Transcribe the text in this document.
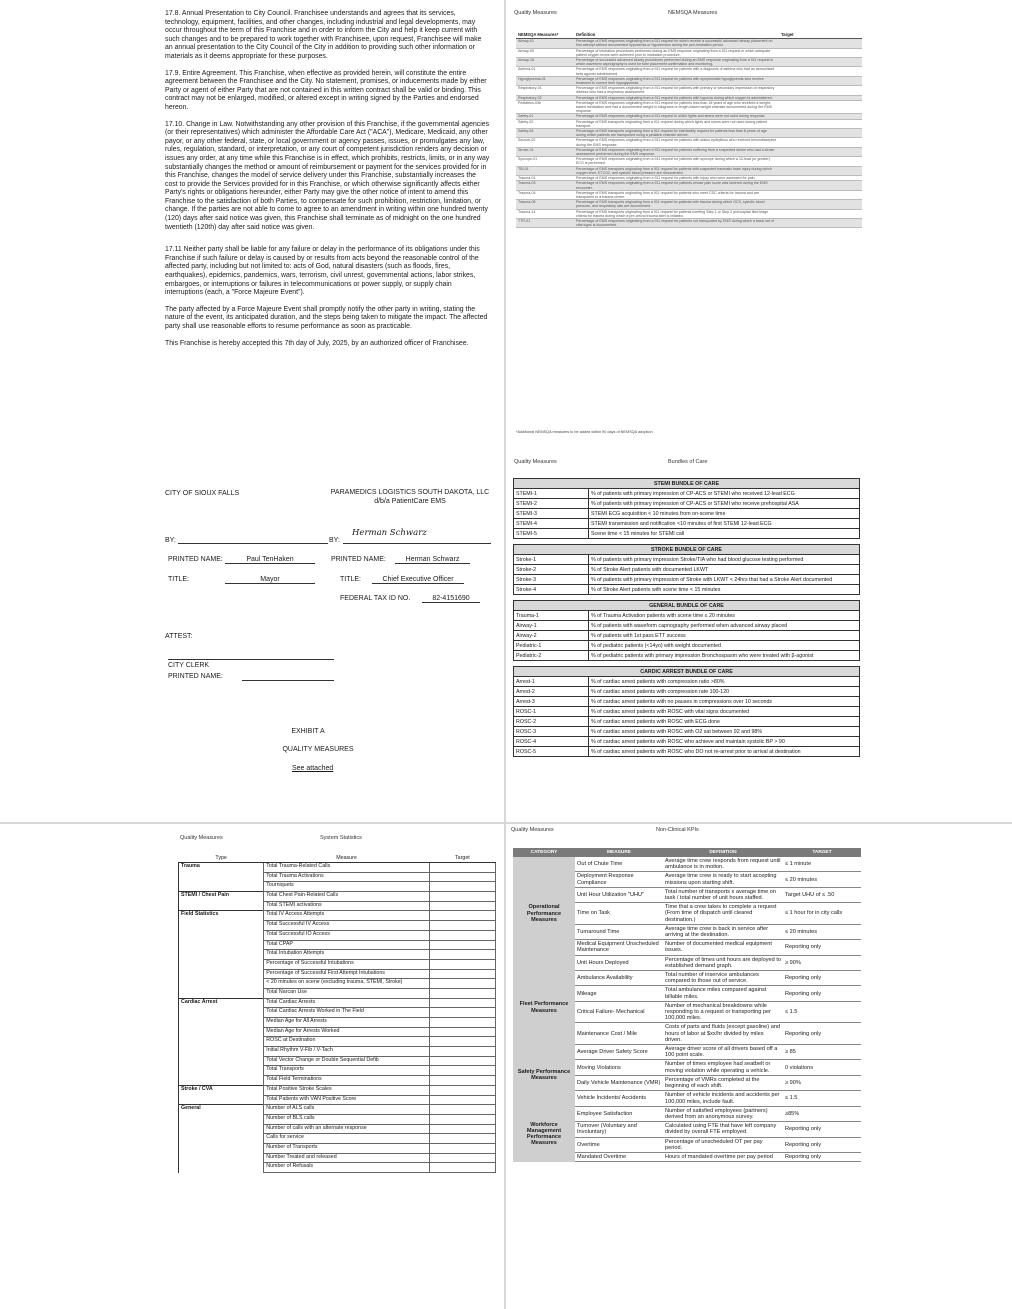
17.8. Annual Presentation to City Council. Franchisee understands and agrees that its services, technology, equipment, facilities, and other changes, including industrial and legal developments, may occur throughout the term of this Franchise and in order to inform the City and help it keep current with such changes and to be prepared to work together with Franchisee, upon request, Franchisee will make an annual presentation to the City Council of the City in addition to providing such other information or materials as it deems appropriate for these purposes.

17.9. Entire Agreement. This Franchise, when effective as provided herein, will constitute the entire agreement between the Franchisee and the City. No statement, promises, or inducements made by either Party or agent of either Party that are not contained in this written contract shall be valid or binding. This contract may not be enlarged, modified, or altered except in writing signed by the Parties and endorsed hereon.

17.10. Change in Law. Notwithstanding any other provision of this Franchise, if the governmental agencies (or their representatives) which administer the Affordable Care Act ("ACA"), Medicare, Medicaid, any other payor, or any other federal, state, or local government or agency passes, issues, or promulgates any law, rules, regulation, standard, or interpretation, or any court of competent jurisdiction renders any decision or issues any order, at any time while this Franchise is in effect, which prohibits, restricts, limits, or in any way substantially changes the method or amount of reimbursement or payment for the services provided for in this Franchise, changes the model of service delivery under this Franchise, substantially increases the cost to provide the Services provided for in this Franchise, or which otherwise significantly affects either Party's rights or obligations hereunder, either Party may give the other notice of intent to amend this Franchise to the satisfaction of both Parties, to compensate for such prohibition, restriction, limitation, or change. If the parties are not able to come to agree to an amendment in writing within one hundred twenty (120) days after said notice was given, this Franchise shall terminate as of midnight on the one hundred twentieth (120th) day after said notice was given.

17.11 Neither party shall be liable for any failure or delay in the performance of its obligations under this Franchise if such failure or delay is caused by or results from acts beyond the reasonable control of the affected party, including but not limited to: acts of God, natural disasters (such as floods, fires, earthquakes), epidemics, pandemics, wars, terrorism, civil unrest, governmental actions, labor strikes, embargoes, or interruptions or failures in telecommunications or power supply, or supply chain interruptions (each, a "Force Majeure Event").

The party affected by a Force Majeure Event shall promptly notify the other party in writing, stating the nature of the event, its anticipated duration, and the steps being taken to mitigate the impact. The affected party shall use reasonable efforts to resume performance as soon as practicable.

This Franchise is hereby accepted this 7th day of July, 2025, by an authorized officer of Franchisee.

CITY OF SIOUX FALLS	PARAMEDICS LOGISTICS SOUTH DAKOTA, LLC d/b/a PatientCare EMS
BY:	BY:
Herman Schwarz
PRINTED NAME:	Paul TenHaken	PRINTED NAME:	Herman Schwarz
TITLE:	Mayor	TITLE:	Chief Executive Officer
FEDERAL TAX ID NO.	82-4151690
ATTEST:
CITY CLERK
PRINTED NAME:
EXHIBIT A
QUALITY MEASURES
See attached
Quality Measures	NEMSQA Measures
NEMSQA Measures*	Definition	Target
Airway-01	Percentage of EMS responses originating from a 911 request for which receive a successful advanced airway placement on first attempt without documented hypoxemia or hypotension during the peri-intubation period.	
Airway-05	Percentage of intubation procedures performed during an EMS response originating from a 911 request in which adequate patient oxygen levels were achieved prior to intubation procedure.	
Airway-18	Percentage of successful advanced airway procedures performed during an EMS response originating from a 911 request in which waveform capnography is used for tube placement confirmation and monitoring.	
Asthma-01	Percentage of EMS responses originating from a 911 request for patients with a diagnosis of asthma who had an aerosolized beta agonist administered.	
Hypoglycemia-01	Percentage of EMS responses originating from a 911 request for patients with symptomatic hypoglycemia who receive treatment to correct their hypoglycemia.	
Respiratory-01	Percentage of EMS responses originating from a 911 request for patients with primary or secondary impression of respiratory distress who had a respiratory assessment.	
Respiratory-02	Percentage of EMS responses originating from a 911 request for patients with hypoxia during which oxygen is administered.	
Pediatrics-03b	Percentage of EMS responses originating from a 911 request for patients less than 18 years of age who received a weight-based medication and had a documented weight in kilograms or length-based weight estimate documented during the EMS response.	
Safety-01	Percentage of EMS responses originating from a 911 request in which lights and sirens were not used during response.	
Safety-02	Percentage of EMS transports originating from a 911 request during which lights and sirens were not used during patient transport.	
Safety-04	Percentage of EMS transports originating from a 911 request for interfacility request for patients less than 8 years of age during which patients are transported using a pediatric restraint device.	
Seizure-02	Percentage of EMS responses originating from a 911 request for patients with status epilepticus who received benzodiazepine during the EMS response.	
Stroke-01	Percentage of EMS responses originating from a 911 request for patients suffering from a suspected stroke who had a stroke assessment performed during the EMS response.	
Syncope-01	Percentage of EMS responses originating from a 911 request for patients with syncope during which a 12-lead (or greater) ECG is performed.	
TBI-01	Percentage of EMS transports originating from a 911 request for patients with suspected traumatic brain injury during which oxygen level, ETCO2, and systolic blood pressure are documented.	
Trauma-01	Percentage of EMS responses originating from a 911 request for patients with injury who were assessed for pain.	
Trauma-03	Percentage of EMS responses originating from a 911 request for patients whose pain score was lowered during the EMS encounter.	
Trauma-04	Percentage of EMS transports originating from a 911 request for patients who meet CDC criteria for trauma and are transported to a trauma center.	
Trauma-08	Percentage of EMS transports originating from a 911 request for patients with trauma during which GCS, systolic blood pressure, and respiratory rate are documented.	
Trauma-14	Percentage of EMS transports originating from a 911 request for patients meeting Step 1 or Step 2 prehospital field triage criteria for trauma during which a pre-arrival trauma alert is initiated.	
TTR-01	Percentage of EMS responses originating from a 911 request for patients not transported by EMS during which a basic set of vital signs is documented.	
*Additional NEMSQA measures to be added within 90 days of NEMSQA adoption
Quality Measures	Bundles of Care
STEMI BUNDLE OF CARE	
STEMI-1	% of patients with primary impression of CP-ACS or STEMI who received 12-lead ECG
STEMI-2	% of patients with primary impression of CP-ACS or STEMI who receive prehospital ASA
STEMI-3	STEMI ECG acquisition < 10 minutes from on-scene time
STEMI-4	STEMI transmission and notification <10 minutes of first STEMI 12-lead ECG
STEMI-5	Scene time < 15 minutes for STEMI call

STROKE BUNDLE OF CARE	
Stroke-1	% of patients with primary impression Stroke/TIA who had blood glucose testing performed
Stroke-2	% of Stroke Alert patients with documented LKWT
Stroke-3	% of patients with primary impression of Stroke with LKWT < 24hrs that had a Stroke Alert documented
Stroke-4	% of Stroke Alert patients with scene time < 15 minutes

GENERAL BUNDLE OF CARE	
Trauma-1	% of Trauma Activation patients with scene time ≤ 20 minutes
Airway-1	% of patients with waveform capnography performed when advanced airway placed
Airway-2	% of patients with 1st pass ETT success
Pediatric-1	% of pediatric patients (<14yo) with weight documented
Pediatric-2	% of pediatric patients with primary impression Bronchospasm who were treated with β-agonist

CARDIC ARREST BUNDLE OF CARE	
Arrest-1	% of cardiac arrest patients with compression ratio >80%
Arrest-2	% of cardiac arrest patients with compression rate 100-120
Arrest-3	% of cardiac arrest patients with no pauses in compressions over 10 seconds
ROSC-1	% of cardiac arrest patients with ROSC with vital signs documented
ROSC-2	% of cardiac arrest patients with ROSC with ECG done
ROSC-3	% of cardiac arrest patients with ROSC with O2 sat between 92 and 98%
ROSC-4	% of cardiac arrest patients with ROSC who achieve and maintain systolic BP > 90
ROSC-5	% of cardiac arrest patients with ROSC who DO not re-arrest prior to arrival at destination
Quality Measures	System Statistics
Type	Measure	Target
Trauma	Total Trauma-Related Calls	
	Total Trauma Activations	
	Tourniquets	
STEMI / Chest Pain	Total Chest Pain-Related Calls	
	Total STEMI activations	
Field Statistics	Total IV Access Attempts	
	Total Successful IV Access	
	Total Successful IO Access	
	Total CPAP	
	Total Intubation Attempts	
	Percentage of Successful Intubations	
	Percentage of Successful First Attempt Intubations	
	< 20 minutes on scene (excluding trauma, STEMI, Stroke)	
	Total Narcan Use	
Cardiac Arrest	Total Cardiac Arrests	
	Total Cardiac Arrests Worked in The Field	
	Median Age for All Arrests	
	Median Age for Arrests Worked	
	ROSC at Destination	
	Initial Rhythm V-Fib / V-Tach	
	Total Vector Change or Double Sequential Defib	
	Total Transports	
	Total Field Terminations	
Stroke / CVA	Total Positive Stroke Scales	
	Total Patients with VAN Positive Score	
General	Number of ALS calls	
	Number of BLS calls	
	Number of calls with an alternate response	
	Calls for service	
	Number of Transports	
	Number Treated and released	
	Number of Refusals	
Quality Measures	Non-Clinical KPIs
CATEGORY	MEASURE	DEFINITION	TARGET
Operational Performance Measures	Out of Chute Time	Average time crew responds from request until ambulance is in motion.	≤ 1 minute
	Deployment Response Compliance	Average time crew is ready to start accepting missions upon starting shift.	≤ 20 minutes
	Unit Hour Utilization "UHU"	Total number of transports x average time on task / total number of unit hours staffed.	Target UHU of ≤ .50
	Time on Task	Time that a crew takes to complete a request (From time of dispatch until cleared destination.)	≤ 1 hour for in city calls
	Turnaround Time	Average time crew is back in service after arriving at the destination.	≤ 20 minutes
	Medical Equipment Unscheduled Maintenance	Number of documented medical equipment issues.	Reporting only
	Unit Hours Deployed	Percentage of times unit hours are deployed to established demand graph.	≥ 90%
Fleet Performance Measures	Ambulance Availability	Total number of inservice ambulances compared to those out of service.	Reporting only
	Mileage	Total ambulance miles compared against billable miles.	Reporting only
	Critical Failure- Mechanical	Number of mechanical breakdowns while responding to a request or transporting per 100,000 miles.	≤ 1.5
	Maintenance Cost / Mile	Costs of parts and fluids (except gasoline) and hours of labor at $xx/hr divided by miles driven.	Reporting only
Safety Performance Measures	Average Driver Safety Score	Average driver score of all drivers based off a 100 point scale.	≥ 85
	Moving Violations	Number of times employee had seatbelt or moving violation while operating a vehicle.	0 violations
	Daily Vehicle Maintenance (VMR)	Percentage of VMRs completed at the beginning of each shift.	≥ 90%
	Vehicle Incidents/ Accidents	Number of vehicle incidents and accidents per 100,000 miles, include fault.	≤ 1.5
Workforce Management Performance Measures	Employee Satisfaction	Number of satisfied employees (partners) derived from an anonymous survey.	≥85%
	Turnover (Voluntary and Involuntary)	Calculated using FTE that have left company divided by overall FTE employed.	Reporting only
	Overtime	Percentage of unscheduled OT per pay period.	Reporting only
	Mandated Overtime	Hours of mandated overtime per pay period	Reporting only
